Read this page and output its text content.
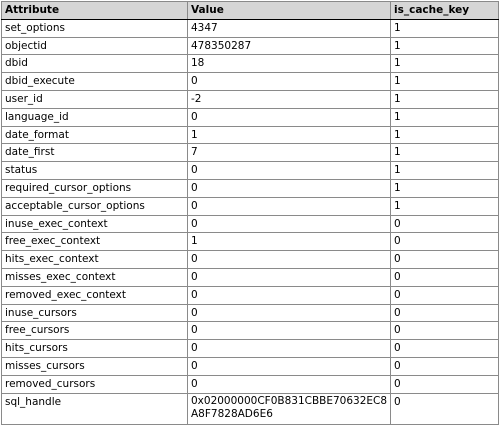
Attribute	Value	is_cache_key
set_options	4347	1
objectid	478350287	1
dbid	18	1
dbid_execute	0	1
user_id	-2	1
language_id	0	1
date_format	1	1
date_first	7	1
status	0	1
required_cursor_options	0	1
acceptable_cursor_options	0	1
inuse_exec_context	0	0
free_exec_context	1	0
hits_exec_context	0	0
misses_exec_context	0	0
removed_exec_context	0	0
inuse_cursors	0	0
free_cursors	0	0
hits_cursors	0	0
misses_cursors	0	0
removed_cursors	0	0
sql_handle	0x02000000CF0B831CBBE70632EC8A8F7828AD6E6	0
